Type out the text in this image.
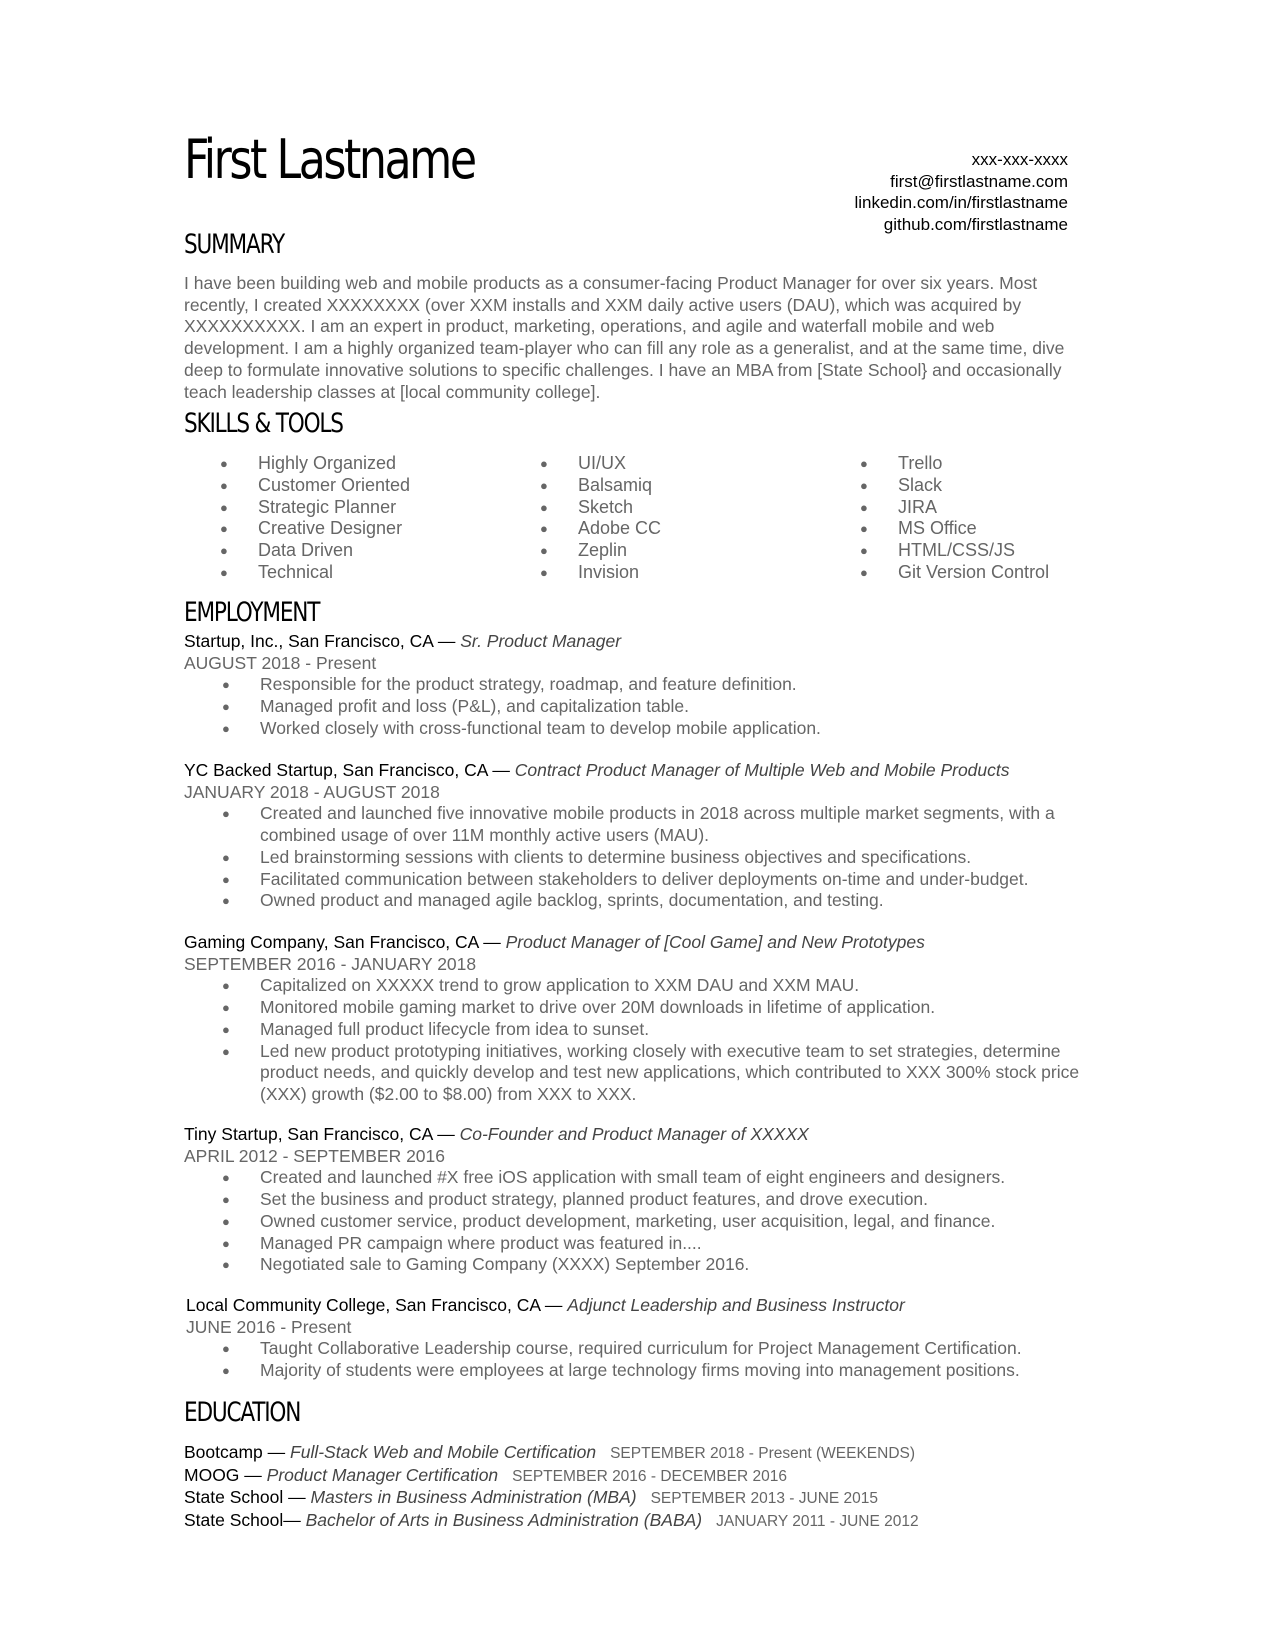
First Lastname	xxx-xxx-xxxx
first@firstlastname.com
linkedin.com/in/firstlastname
github.com/firstlastname
SUMMARY
I have been building web and mobile products as a consumer-facing Product Manager for over six years. Most recently, I created XXXXXXXX (over XXM installs and XXM daily active users (DAU), which was acquired by XXXXXXXXXX. I am an expert in product, marketing, operations, and agile and waterfall mobile and web development. I am a highly organized team-player who can fill any role as a generalist, and at the same time, dive deep to formulate innovative solutions to specific challenges. I have an MBA from [State School} and occasionally teach leadership classes at [local community college].
SKILLS & TOOLS
● Highly Organized
● Customer Oriented
● Strategic Planner
● Creative Designer
● Data Driven
● Technical
● UI/UX
● Balsamiq
● Sketch
● Adobe CC
● Zeplin
● Invision
● Trello
● Slack
● JIRA
● MS Office
● HTML/CSS/JS
● Git Version Control
EMPLOYMENT
Startup, Inc., San Francisco, CA — Sr. Product Manager
AUGUST 2018 - Present
● Responsible for the product strategy, roadmap, and feature definition.
● Managed profit and loss (P&L), and capitalization table.
● Worked closely with cross-functional team to develop mobile application.
YC Backed Startup, San Francisco, CA — Contract Product Manager of Multiple Web and Mobile Products
JANUARY 2018 - AUGUST 2018
● Created and launched five innovative mobile products in 2018 across multiple market segments, with a combined usage of over 11M monthly active users (MAU).
● Led brainstorming sessions with clients to determine business objectives and specifications.
● Facilitated communication between stakeholders to deliver deployments on-time and under-budget.
● Owned product and managed agile backlog, sprints, documentation, and testing.
Gaming Company, San Francisco, CA — Product Manager of [Cool Game] and New Prototypes
SEPTEMBER 2016 - JANUARY 2018
● Capitalized on XXXXX trend to grow application to XXM DAU and XXM MAU.
● Monitored mobile gaming market to drive over 20M downloads in lifetime of application.
● Managed full product lifecycle from idea to sunset.
● Led new product prototyping initiatives, working closely with executive team to set strategies, determine product needs, and quickly develop and test new applications, which contributed to XXX 300% stock price (XXX) growth ($2.00 to $8.00) from XXX to XXX.
Tiny Startup, San Francisco, CA — Co-Founder and Product Manager of XXXXX
APRIL 2012 - SEPTEMBER 2016
● Created and launched #X free iOS application with small team of eight engineers and designers.
● Set the business and product strategy, planned product features, and drove execution.
● Owned customer service, product development, marketing, user acquisition, legal, and finance.
● Managed PR campaign where product was featured in....
● Negotiated sale to Gaming Company (XXXX) September 2016.
Local Community College, San Francisco, CA — Adjunct Leadership and Business Instructor
JUNE 2016 - Present
● Taught Collaborative Leadership course, required curriculum for Project Management Certification.
● Majority of students were employees at large technology firms moving into management positions.
EDUCATION
Bootcamp — Full-Stack Web and Mobile Certification SEPTEMBER 2018 - Present (WEEKENDS)
MOOG — Product Manager Certification SEPTEMBER 2016 - DECEMBER 2016
State School — Masters in Business Administration (MBA) SEPTEMBER 2013 - JUNE 2015
State School— Bachelor of Arts in Business Administration (BABA) JANUARY 2011 - JUNE 2012
